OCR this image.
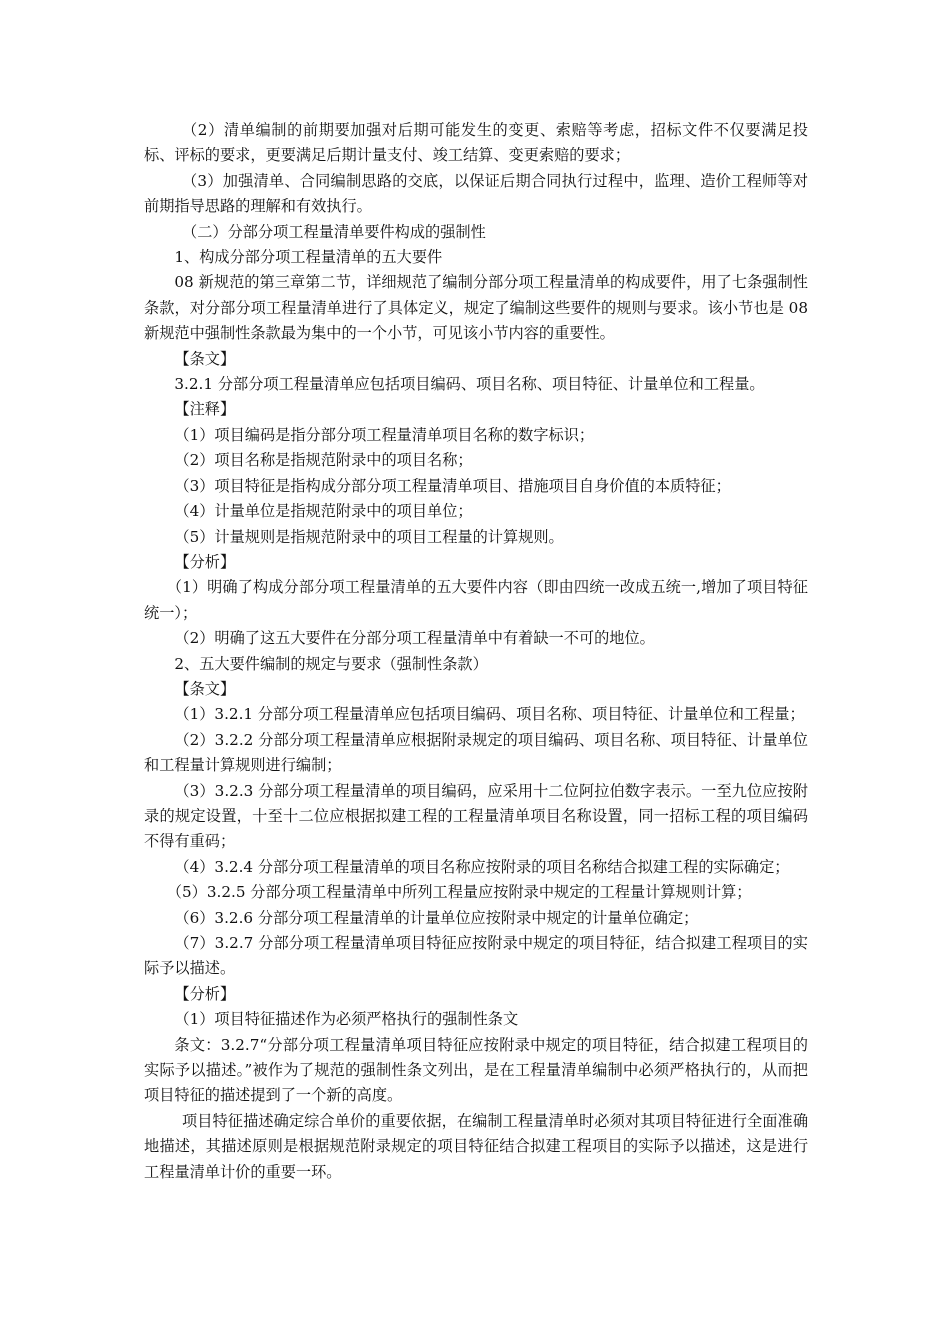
（2）清单编制的前期要加强对后期可能发生的变更、索赔等考虑，招标文件不仅要满足投标、评标的要求，更要满足后期计量支付、竣工结算、变更索赔的要求；

（3）加强清单、合同编制思路的交底，以保证后期合同执行过程中，监理、造价工程师等对前期指导思路的理解和有效执行。

（二）分部分项工程量清单要件构成的强制性

1、构成分部分项工程量清单的五大要件

08 新规范的第三章第二节，详细规范了编制分部分项工程量清单的构成要件，用了七条强制性条款，对分部分项工程量清单进行了具体定义，规定了编制这些要件的规则与要求。该小节也是 08 新规范中强制性条款最为集中的一个小节，可见该小节内容的重要性。

【条文】

3.2.1 分部分项工程量清单应包括项目编码、项目名称、项目特征、计量单位和工程量。

【注释】

（1）项目编码是指分部分项工程量清单项目名称的数字标识；

（2）项目名称是指规范附录中的项目名称；

（3）项目特征是指构成分部分项工程量清单项目、措施项目自身价值的本质特征；

（4）计量单位是指规范附录中的项目单位；

（5）计量规则是指规范附录中的项目工程量的计算规则。

【分析】

（1）明确了构成分部分项工程量清单的五大要件内容（即由四统一改成五统一,增加了项目特征统一）；

（2）明确了这五大要件在分部分项工程量清单中有着缺一不可的地位。

2、五大要件编制的规定与要求（强制性条款）

【条文】

（1）3.2.1 分部分项工程量清单应包括项目编码、项目名称、项目特征、计量单位和工程量；

（2）3.2.2 分部分项工程量清单应根据附录规定的项目编码、项目名称、项目特征、计量单位和工程量计算规则进行编制；

（3）3.2.3 分部分项工程量清单的项目编码，应采用十二位阿拉伯数字表示。一至九位应按附录的规定设置，十至十二位应根据拟建工程的工程量清单项目名称设置，同一招标工程的项目编码不得有重码；

（4）3.2.4 分部分项工程量清单的项目名称应按附录的项目名称结合拟建工程的实际确定；

（5）3.2.5 分部分项工程量清单中所列工程量应按附录中规定的工程量计算规则计算；

（6）3.2.6 分部分项工程量清单的计量单位应按附录中规定的计量单位确定；

（7）3.2.7 分部分项工程量清单项目特征应按附录中规定的项目特征，结合拟建工程项目的实际予以描述。

【分析】

（1）项目特征描述作为必须严格执行的强制性条文

条文：3.2.7“分部分项工程量清单项目特征应按附录中规定的项目特征，结合拟建工程项目的实际予以描述。”被作为了规范的强制性条文列出，是在工程量清单编制中必须严格执行的，从而把项目特征的描述提到了一个新的高度。

项目特征描述确定综合单价的重要依据，在编制工程量清单时必须对其项目特征进行全面准确地描述，其描述原则是根据规范附录规定的项目特征结合拟建工程项目的实际予以描述，这是进行工程量清单计价的重要一环。
